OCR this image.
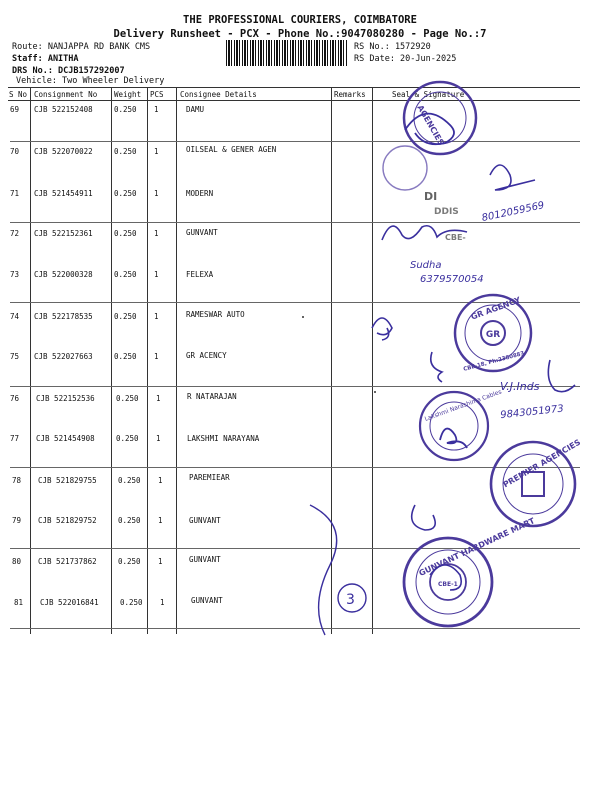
THE PROFESSIONAL COURIERS, COIMBATORE
Delivery Runsheet - PCX - Phone No.:9047080280 - Page No.:7
Route: NANJAPPA RD BANK CMS
Staff: ANITHA
DRS No.: DCJB157292007
Vehicle: Two Wheeler Delivery
RS No.: 1572920
RS Date: 20-Jun-2025
S No Consignment No Weight PCS Consignee Details	Remarks	Seal & Signature
69 CJB 522152408	0.250 1	DAMU
70 CJB 522070022	0.250 1	OILSEAL & GENER AGEN
71 CJB 521454911	0.250 1	MODERN
72 CJB 522152361	0.250 1	GUNVANT
73 CJB 522000328	0.250 1	FELEXA
74 CJB 522178535	0.250 1	RAMESWAR AUTO
75 CJB 522027663	0.250 1	GR ACENCY
76 CJB 522152536	0.250 1	R NATARAJAN
77 CJB 521454908	0.250 1	LAKSHMI NARAYANA
78 CJB 521829755	0.250 1	PAREMIEAR
79 CJB 521829752	0.250 1	GUNVANT
80 CJB 521737862	0.250 1	GUNVANT
81 CJB 522016841	0.250 1	GUNVANT
AGENCIES
DI
DDIS 8012059569
CBE-
Sudha
6379570054
GR
GR AGENCY
CBE-18, Ph:2380883
Lakshmi Narashima Cables
V.J.Inds
9843051973
PREMIER AGENCIES
3
GUNVANT HARDWARE MART
CBE-1
